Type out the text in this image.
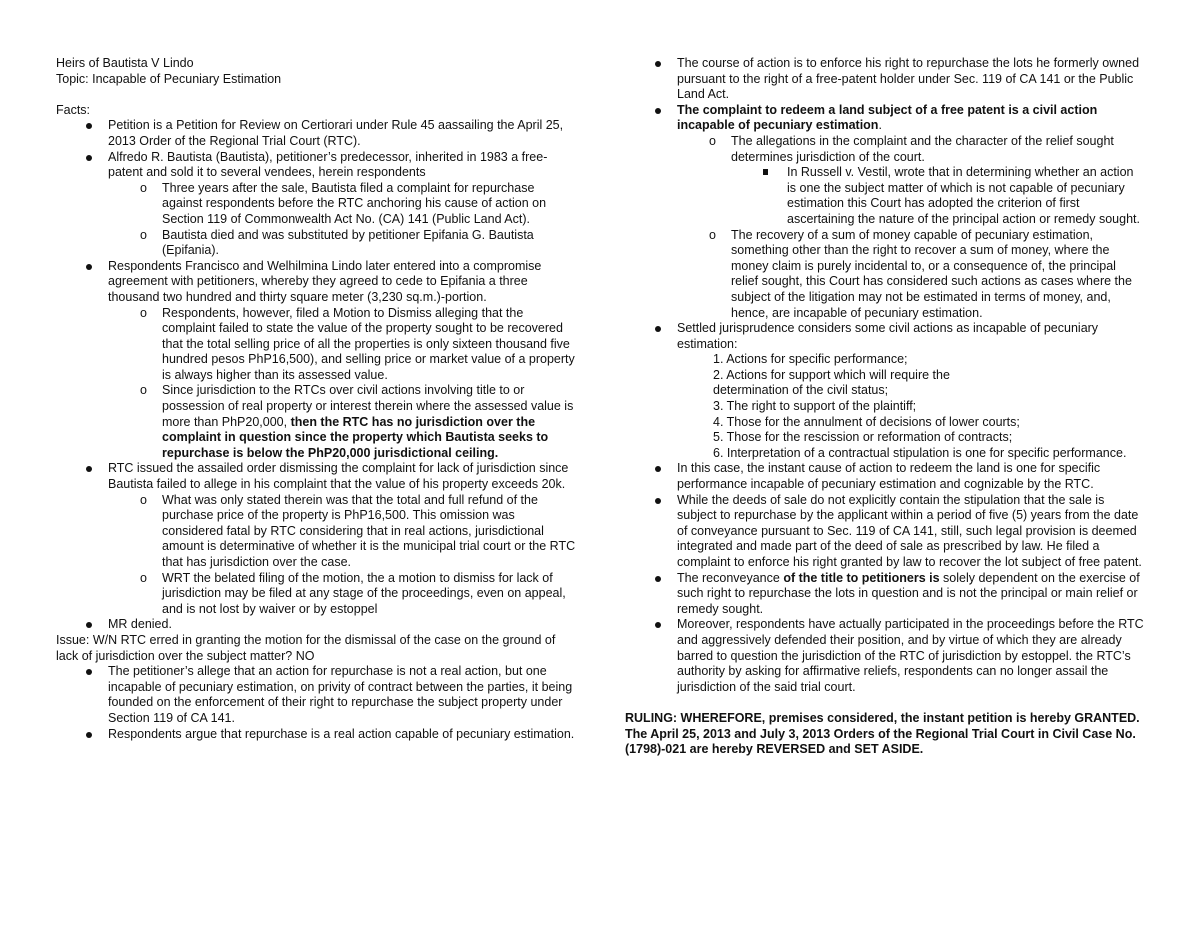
Heirs of Bautista V Lindo

Topic: Incapable of Pecuniary Estimation

Facts:

Petition is a Petition for Review on Certiorari under Rule 45 aassailing the April 25, 2013 Order of the Regional Trial Court (RTC).
Alfredo R. Bautista (Bautista), petitioner’s predecessor, inherited in 1983 a free-patent and sold it to several vendees, herein respondents
o Three years after the sale, Bautista filed a complaint for repurchase against respondents before the RTC anchoring his cause of action on Section 119 of Commonwealth Act No. (CA) 141 (Public Land Act).
o Bautista died and was substituted by petitioner Epifania G. Bautista (Epifania).
Respondents Francisco and Welhilmina Lindo later entered into a compromise agreement with petitioners, whereby they agreed to cede to Epifania a three thousand two hundred and thirty square meter (3,230 sq.m.)-portion.
o Respondents, however, filed a Motion to Dismiss alleging that the complaint failed to state the value of the property sought to be recovered that the total selling price of all the properties is only sixteen thousand five hundred pesos PhP16,500), and selling price or market value of a property is always higher than its assessed value.
o Since jurisdiction to the RTCs over civil actions involving title to or possession of real property or interest therein where the assessed value is more than PhP20,000, then the RTC has no jurisdiction over the complaint in question since the property which Bautista seeks to repurchase is below the PhP20,000 jurisdictional ceiling.
RTC issued the assailed order dismissing the complaint for lack of jurisdiction since Bautista failed to allege in his complaint that the value of his property exceeds 20k.
o What was only stated therein was that the total and full refund of the purchase price of the property is PhP16,500. This omission was considered fatal by RTC considering that in real actions, jurisdictional amount is determinative of whether it is the municipal trial court or the RTC that has jurisdiction over the case.
o WRT the belated filing of the motion, the a motion to dismiss for lack of jurisdiction may be filed at any stage of the proceedings, even on appeal, and is not lost by waiver or by estoppel
MR denied.

Issue: W/N RTC erred in granting the motion for the dismissal of the case on the ground of lack of jurisdiction over the subject matter? NO

The petitioner’s allege that an action for repurchase is not a real action, but one incapable of pecuniary estimation, on privity of contract between the parties, it being founded on the enforcement of their right to repurchase the subject property under Section 119 of CA 141.
Respondents argue that repurchase is a real action capable of pecuniary estimation.
The course of action is to enforce his right to repurchase the lots he formerly owned pursuant to the right of a free-patent holder under Sec. 119 of CA 141 or the Public Land Act.
The complaint to redeem a land subject of a free patent is a civil action incapable of pecuniary estimation.
o The allegations in the complaint and the character of the relief sought determines jurisdiction of the court.
In Russell v. Vestil, wrote that in determining whether an action is one the subject matter of which is not capable of pecuniary estimation this Court has adopted the criterion of first ascertaining the nature of the principal action or remedy sought.
o The recovery of a sum of money capable of pecuniary estimation, something other than the right to recover a sum of money, where the money claim is purely incidental to, or a consequence of, the principal relief sought, this Court has considered such actions as cases where the subject of the litigation may not be estimated in terms of money, and, hence, are incapable of pecuniary estimation.
Settled jurisprudence considers some civil actions as incapable of pecuniary estimation:

1. Actions for specific performance;

2. Actions for support which will require the

determination of the civil status;

3. The right to support of the plaintiff;

4. Those for the annulment of decisions of lower courts;

5. Those for the rescission or reformation of contracts;

6. Interpretation of a contractual stipulation is one for specific performance.

In this case, the instant cause of action to redeem the land is one for specific performance incapable of pecuniary estimation and cognizable by the RTC.
While the deeds of sale do not explicitly contain the stipulation that the sale is subject to repurchase by the applicant within a period of five (5) years from the date of conveyance pursuant to Sec. 119 of CA 141, still, such legal provision is deemed integrated and made part of the deed of sale as prescribed by law. He filed a complaint to enforce his right granted by law to recover the lot subject of free patent.
The reconveyance of the title to petitioners is solely dependent on the exercise of such right to repurchase the lots in question and is not the principal or main relief or remedy sought.
Moreover, respondents have actually participated in the proceedings before the RTC and aggressively defended their position, and by virtue of which they are already barred to question the jurisdiction of the RTC of jurisdiction by estoppel. the RTC’s authority by asking for affirmative reliefs, respondents can no longer assail the jurisdiction of the said trial court.

RULING: WHEREFORE, premises considered, the instant petition is hereby GRANTED. The April 25, 2013 and July 3, 2013 Orders of the Regional Trial Court in Civil Case No. (1798)-021 are hereby REVERSED and SET ASIDE.
